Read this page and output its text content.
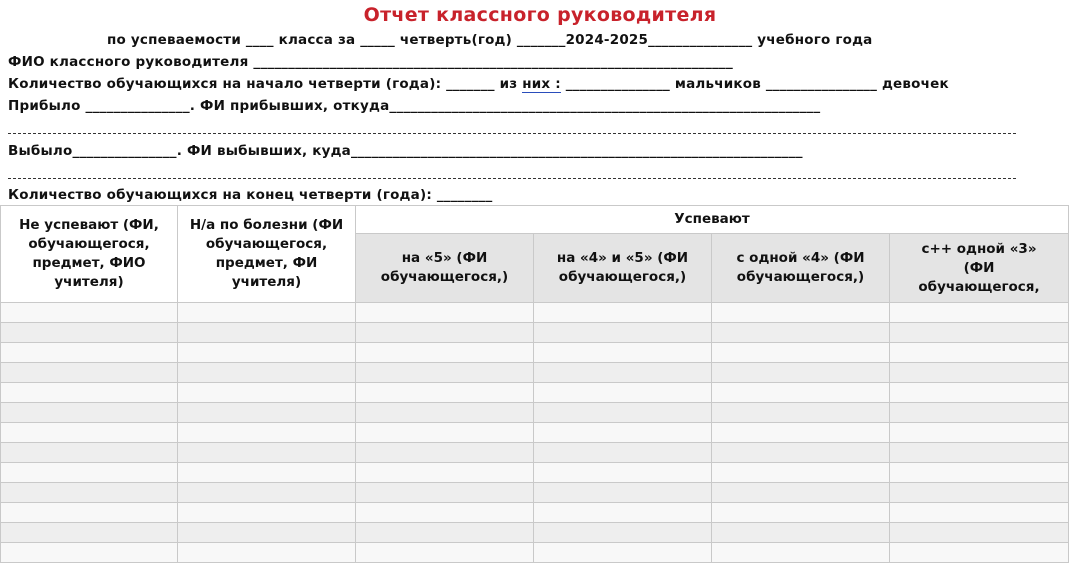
Отчет классного руководителя
по успеваемости ____ класса за _____ четверть(год) _______2024-2025_______________ учебного года
ФИО классного руководителя _____________________________________________________________________
Количество обучающихся на начало четверти (года): _______ из них : _______________ мальчиков ________________ девочек
Прибыло _______________. ФИ прибывших, откуда______________________________________________________________
Выбыло_______________. ФИ выбывших, куда_________________________________________________________________
Количество обучающихся на конец четверти (года): ________
Не успевают (ФИ, обучающегося, предмет, ФИО учителя)	Н/а по болезни (ФИ обучающегося, предмет, ФИ учителя)	Успевают			
		на «5» (ФИ обучающегося,)	на «4» и «5» (ФИ обучающегося,)	с одной «4» (ФИ обучающегося,)	с++ одной «3» (ФИ обучающегося,
